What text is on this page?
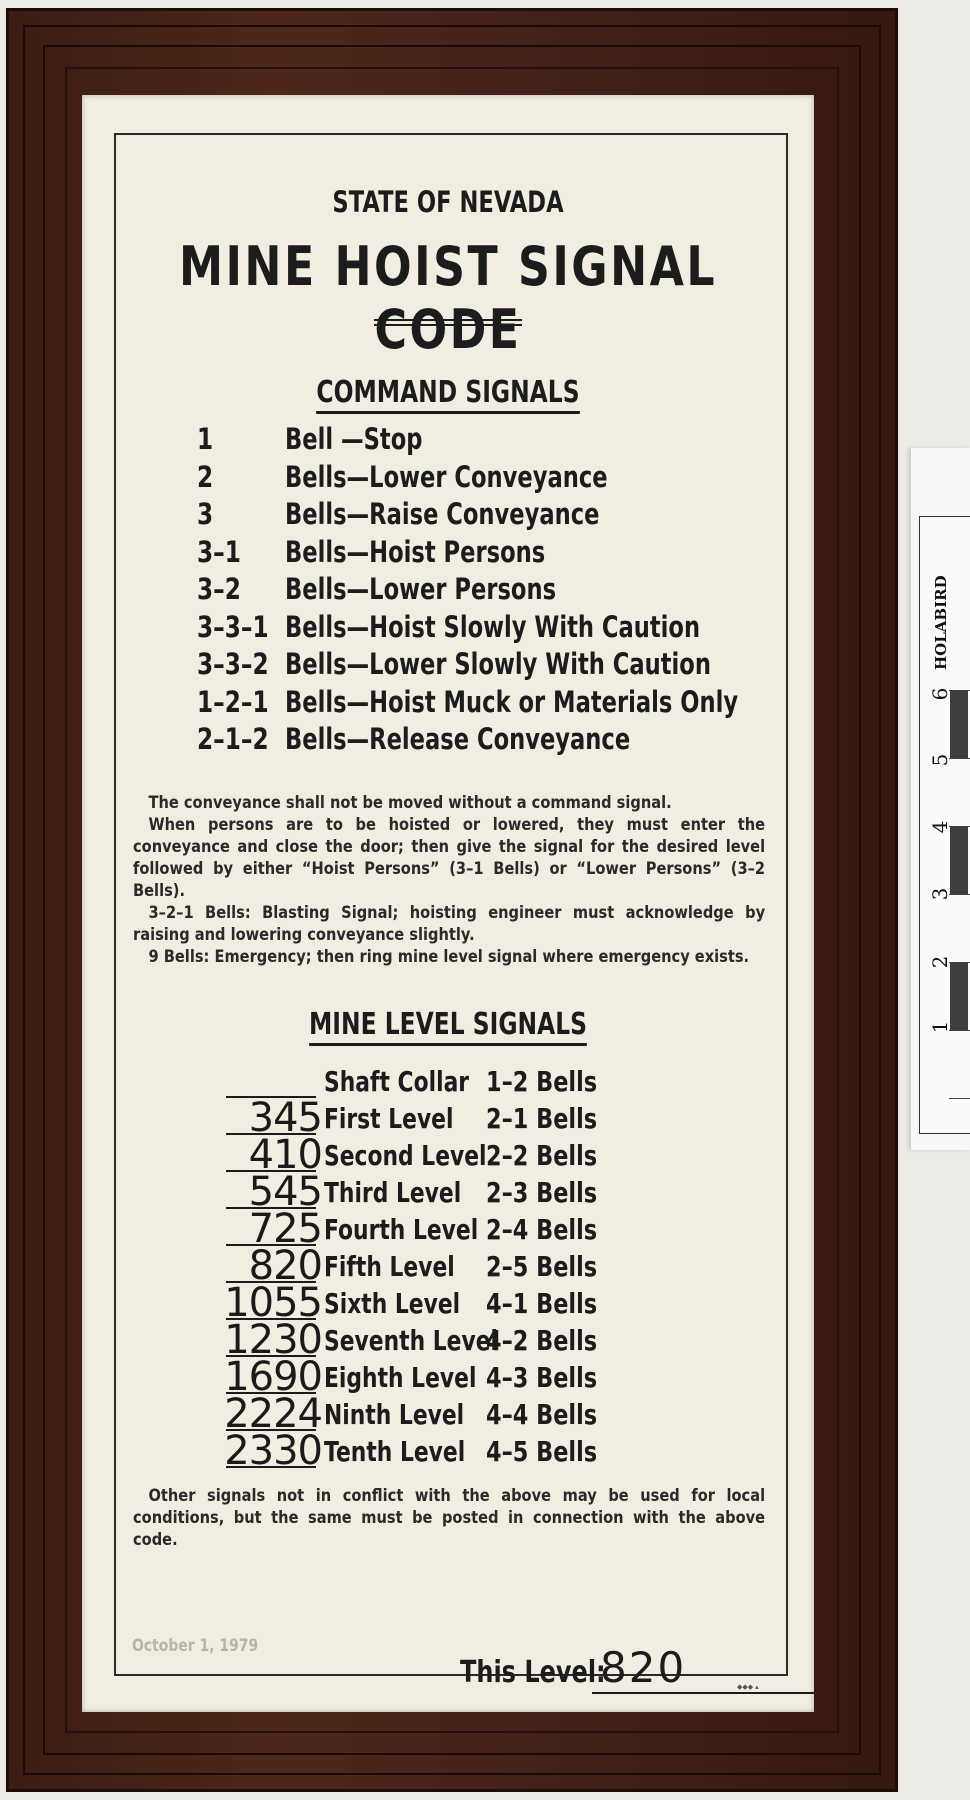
STATE OF NEVADA
MINE HOIST SIGNAL CODE
COMMAND SIGNALS
1 Bell —Stop
2 Bells—Lower Conveyance
3 Bells—Raise Conveyance
3–1 Bells—Hoist Persons
3–2 Bells—Lower Persons
3–3–1 Bells—Hoist Slowly With Caution
3–3–2 Bells—Lower Slowly With Caution
1–2–1 Bells—Hoist Muck or Materials Only
2–1–2 Bells—Release Conveyance

The conveyance shall not be moved without a command signal.

When persons are to be hoisted or lowered, they must enter the conveyance and close the door; then give the signal for the desired level followed by either “Hoist Persons” (3–1 Bells) or “Lower Persons” (3–2 Bells).

3–2–1 Bells: Blasting Signal; hoisting engineer must acknowledge by raising and lowering conveyance slightly.

9 Bells: Emergency; then ring mine level signal where emergency exists.

MINE LEVEL SIGNALS
Shaft Collar 1–2 Bells
345 First Level 2–1 Bells
410 Second Level 2–2 Bells
545 Third Level 2–3 Bells
725 Fourth Level 2–4 Bells
820 Fifth Level 2–5 Bells
1055 Sixth Level 4–1 Bells
1230 Seventh Level
4–2 Bells
1690 Eighth Level 4–3 Bells
2224 Ninth Level 4–4 Bells
2330 Tenth Level 4–5 Bells

Other signals not in conflict with the above may be used for local conditions, but the same must be posted in connection with the above code.

This Level:
820
October 1, 1979
◆◆◆ ▴
HOLABIRD
1
2
3
4
5
6
